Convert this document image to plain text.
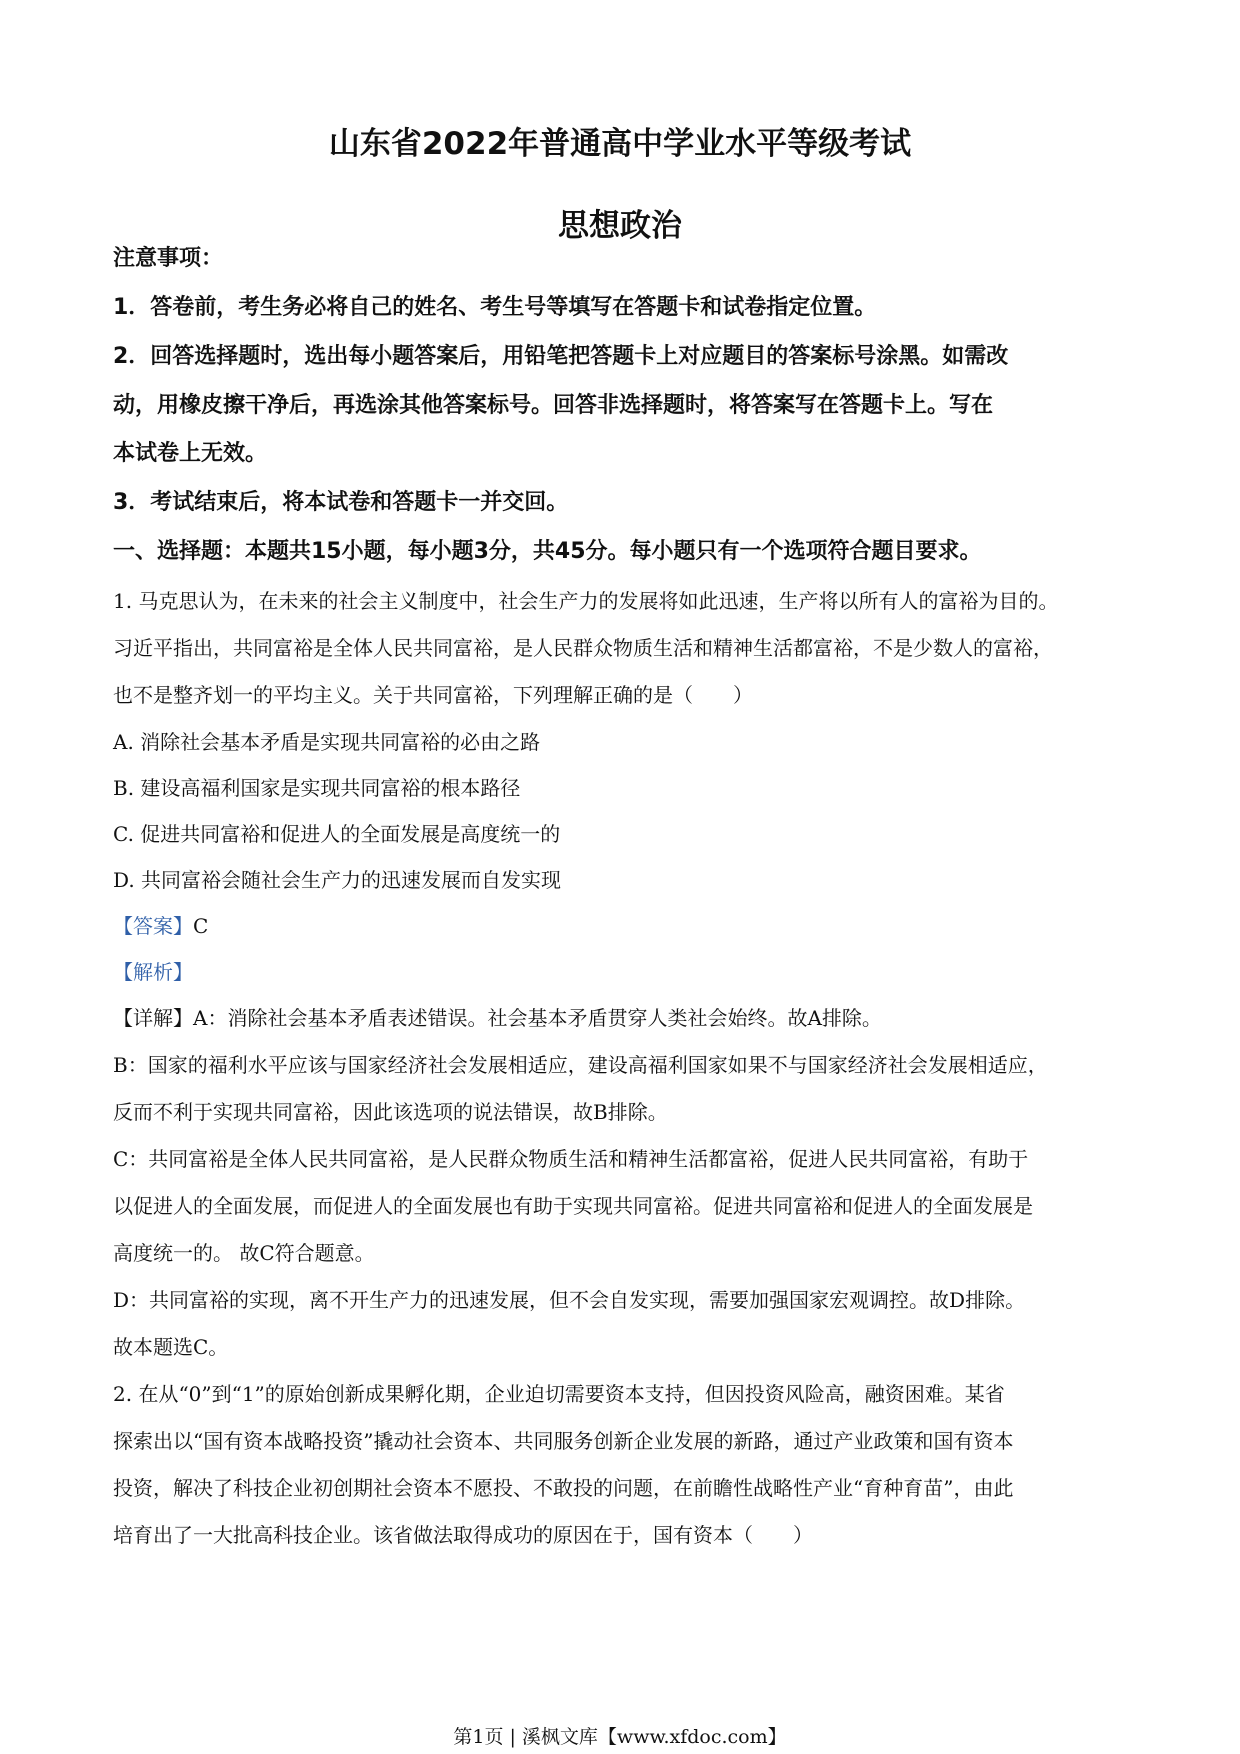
山东省2022年普通高中学业水平等级考试
思想政治
注意事项：
1．答卷前，考生务必将自己的姓名、考生号等填写在答题卡和试卷指定位置。
2．回答选择题时，选出每小题答案后，用铅笔把答题卡上对应题目的答案标号涂黑。如需改
动，用橡皮擦干净后，再选涂其他答案标号。回答非选择题时，将答案写在答题卡上。写在
本试卷上无效。
3．考试结束后，将本试卷和答题卡一并交回。
一、选择题：本题共15小题，每小题3分，共45分。每小题只有一个选项符合题目要求。
1. 马克思认为，在未来的社会主义制度中，社会生产力的发展将如此迅速，生产将以所有人的富裕为目的。
习近平指出，共同富裕是全体人民共同富裕，是人民群众物质生活和精神生活都富裕，不是少数人的富裕，
也不是整齐划一的平均主义。关于共同富裕，下列理解正确的是（　　）
A. 消除社会基本矛盾是实现共同富裕的必由之路
B. 建设高福利国家是实现共同富裕的根本路径
C. 促进共同富裕和促进人的全面发展是高度统一的
D. 共同富裕会随社会生产力的迅速发展而自发实现
【答案】C
【解析】
【详解】A：消除社会基本矛盾表述错误。社会基本矛盾贯穿人类社会始终。故A排除。
B：国家的福利水平应该与国家经济社会发展相适应，建设高福利国家如果不与国家经济社会发展相适应，
反而不利于实现共同富裕，因此该选项的说法错误，故B排除。
C：共同富裕是全体人民共同富裕，是人民群众物质生活和精神生活都富裕，促进人民共同富裕，有助于
以促进人的全面发展，而促进人的全面发展也有助于实现共同富裕。促进共同富裕和促进人的全面发展是
高度统一的。 故C符合题意。
D：共同富裕的实现，离不开生产力的迅速发展，但不会自发实现，需要加强国家宏观调控。故D排除。
故本题选C。
2. 在从“0”到“1”的原始创新成果孵化期，企业迫切需要资本支持，但因投资风险高，融资困难。某省
探索出以“国有资本战略投资”撬动社会资本、共同服务创新企业发展的新路，通过产业政策和国有资本
投资，解决了科技企业初创期社会资本不愿投、不敢投的问题，在前瞻性战略性产业“育种育苗”，由此
培育出了一大批高科技企业。该省做法取得成功的原因在于，国有资本（　　）
第1页 | 溪枫文库【www.xfdoc.com】
